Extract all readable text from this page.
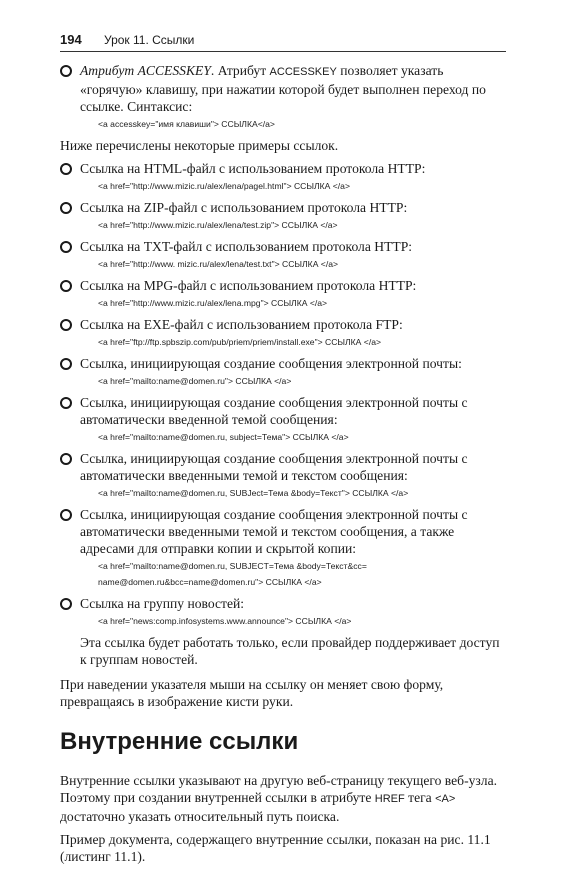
194 Урок 11. Ссылки
Атрибут ACCESSKEY. Атрибут ACCESSKEY позволяет указать «горячую» клавишу, при нажатии которой будет выполнен переход по ссылке. Синтаксис:
<a accesskey="имя клавиши"> ССЫЛКА</a>
Ниже перечислены некоторые примеры ссылок.
Ссылка на HTML-файл с использованием протокола HTTP:
<a href="http://www.mizic.ru/alex/lena/pagel.html"> ССЫЛКА </a>
Ссылка на ZIP-файл с использованием протокола HTTP:
<a href="http://www.mizic.ru/alex/lena/test.zip"> ССЫЛКА </a>
Ссылка на TXT-файл с использованием протокола HTTP:
<a href="http://www. mizic.ru/alex/lena/test.txt"> ССЫЛКА </a>
Ссылка на MPG-файл с использованием протокола HTTP:
<a href="http://www.mizic.ru/alex/lena.mpg"> ССЫЛКА </a>
Ссылка на EXE-файл с использованием протокола FTP:
<a href="ftp://ftp.spbszip.com/pub/priem/priem/install.exe"> ССЫЛКА </a>
Ссылка, инициирующая создание сообщения электронной почты:
<a href="mailto:name@domen.ru"> ССЫЛКА </a>
Ссылка, инициирующая создание сообщения электронной почты с автоматически введенной темой сообщения:
<a href="mailto:name@domen.ru, subject=Тема"> ССЫЛКА </a>
Ссылка, инициирующая создание сообщения электронной почты с автоматически введенными темой и текстом сообщения:
<a href="mailto:name@domen.ru, SUBJect=Тема &body=Текст"> ССЫЛКА </a>
Ссылка, инициирующая создание сообщения электронной почты с автоматически введенными темой и текстом сообщения, а также адресами для отправки копии и скрытой копии:
<a href="mailto:name@domen.ru, SUBJECT=Тема &body=Текст&cc=
name@domen.ru&bcc=name@domen.ru"> ССЫЛКА </a>
Ссылка на группу новостей:
<a href="news:comp.infosystems.www.announce"> ССЫЛКА </a>
Эта ссылка будет работать только, если провайдер поддерживает доступ к группам новостей.
При наведении указателя мыши на ссылку он меняет свою форму, превращаясь в изображение кисти руки.
Внутренние ссылки
Внутренние ссылки указывают на другую веб-страницу текущего веб-узла. Поэтому при создании внутренней ссылки в атрибуте HREF тега <A> достаточно указать относительный путь поиска.
Пример документа, содержащего внутренние ссылки, показан на рис. 11.1 (листинг 11.1).
